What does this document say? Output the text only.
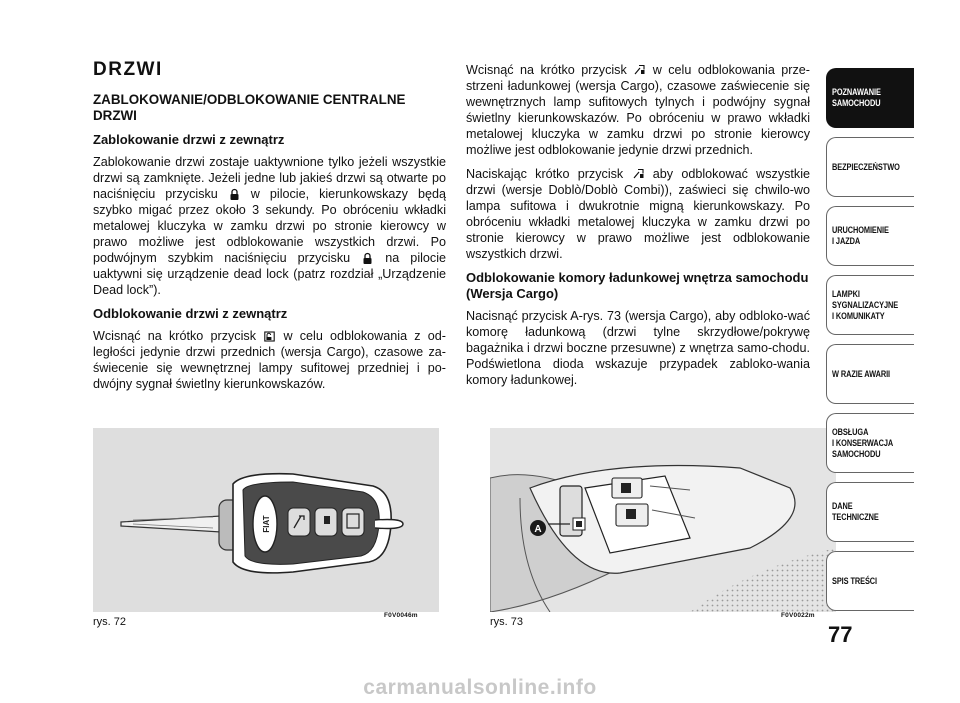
DRZWI
ZABLOKOWANIE/ODBLOKOWANIE CENTRALNE DRZWI
Zablokowanie drzwi z zewnątrz

Zablokowanie drzwi zostaje uaktywnione tylko jeżeli wszystkie drzwi są zamknięte. Jeżeli jedne lub jakieś drzwi są otwarte po naciśnięciu przycisku	w pilocie, kierunkowskazy będą szybko migać przez około 3 sekundy. Po obróceniu wkładki metalowej kluczyka w zamku drzwi po stronie kierowcy w prawo możliwe jest odblokowanie wszystkich drzwi. Po podwójnym szybkim naciśnięciu przycisku	na pilocie uaktywni się urządzenie dead lock (patrz rozdział „Urządzenie Dead lock”).

Odblokowanie drzwi z zewnątrz

Wcisnąć na krótko przycisk w celu odblokowania z od-ległości jedynie drzwi przednich (wersja Cargo), czasowe za-świecenie się wewnętrznej lampy sufitowej przedniej i po-dwójny sygnał świetlny kierunkowskazów.

Wcisnąć na krótko przycisk w celu odblokowania prze-strzeni ładunkowej (wersja Cargo), czasowe zaświecenie się wewnętrznych lamp sufitowych tylnych i podwójny sygnał świetlny kierunkowskazów. Po obróceniu w prawo wkładki metalowej kluczyka w zamku drzwi po stronie kierowcy możliwe jest odblokowanie jedynie drzwi przednich.

Naciskając krótko przycisk aby odblokować wszystkie drzwi (wersje Doblò/Doblò Combi)), zaświeci się chwilo-wo lampa sufitowa i dwukrotnie migną kierunkowskazy. Po obróceniu wkładki metalowej kluczyka w zamku drzwi po stronie kierowcy w prawo możliwe jest odblokowanie wszystkich drzwi.

Odblokowanie komory ładunkowej wnętrza samochodu (Wersja Cargo)

Nacisnąć przycisk A-rys. 73 (wersja Cargo), aby odbloko-wać komorę ładunkową (drzwi tylne skrzydłowe/pokrywę bagażnika i drzwi boczne przesuwne) z wnętrza samo-chodu. Podświetlona dioda wskazuje przypadek zabloko-wania komory ładunkowej.

FIAT	A
rys. 72
F0V0046m
rys. 73
F0V0022m
77
POZNAWANIE
SAMOCHODU
BEZPIECZEŃSTWO
URUCHOMIENIE
I JAZDA
LAMPKI
SYGNALIZACYJNE
I KOMUNIKATY
W RAZIE AWARII
OBSŁUGA
I KONSERWACJA
SAMOCHODU
DANE
TECHNICZNE
SPIS TREŚCI
carmanualsonline.info
